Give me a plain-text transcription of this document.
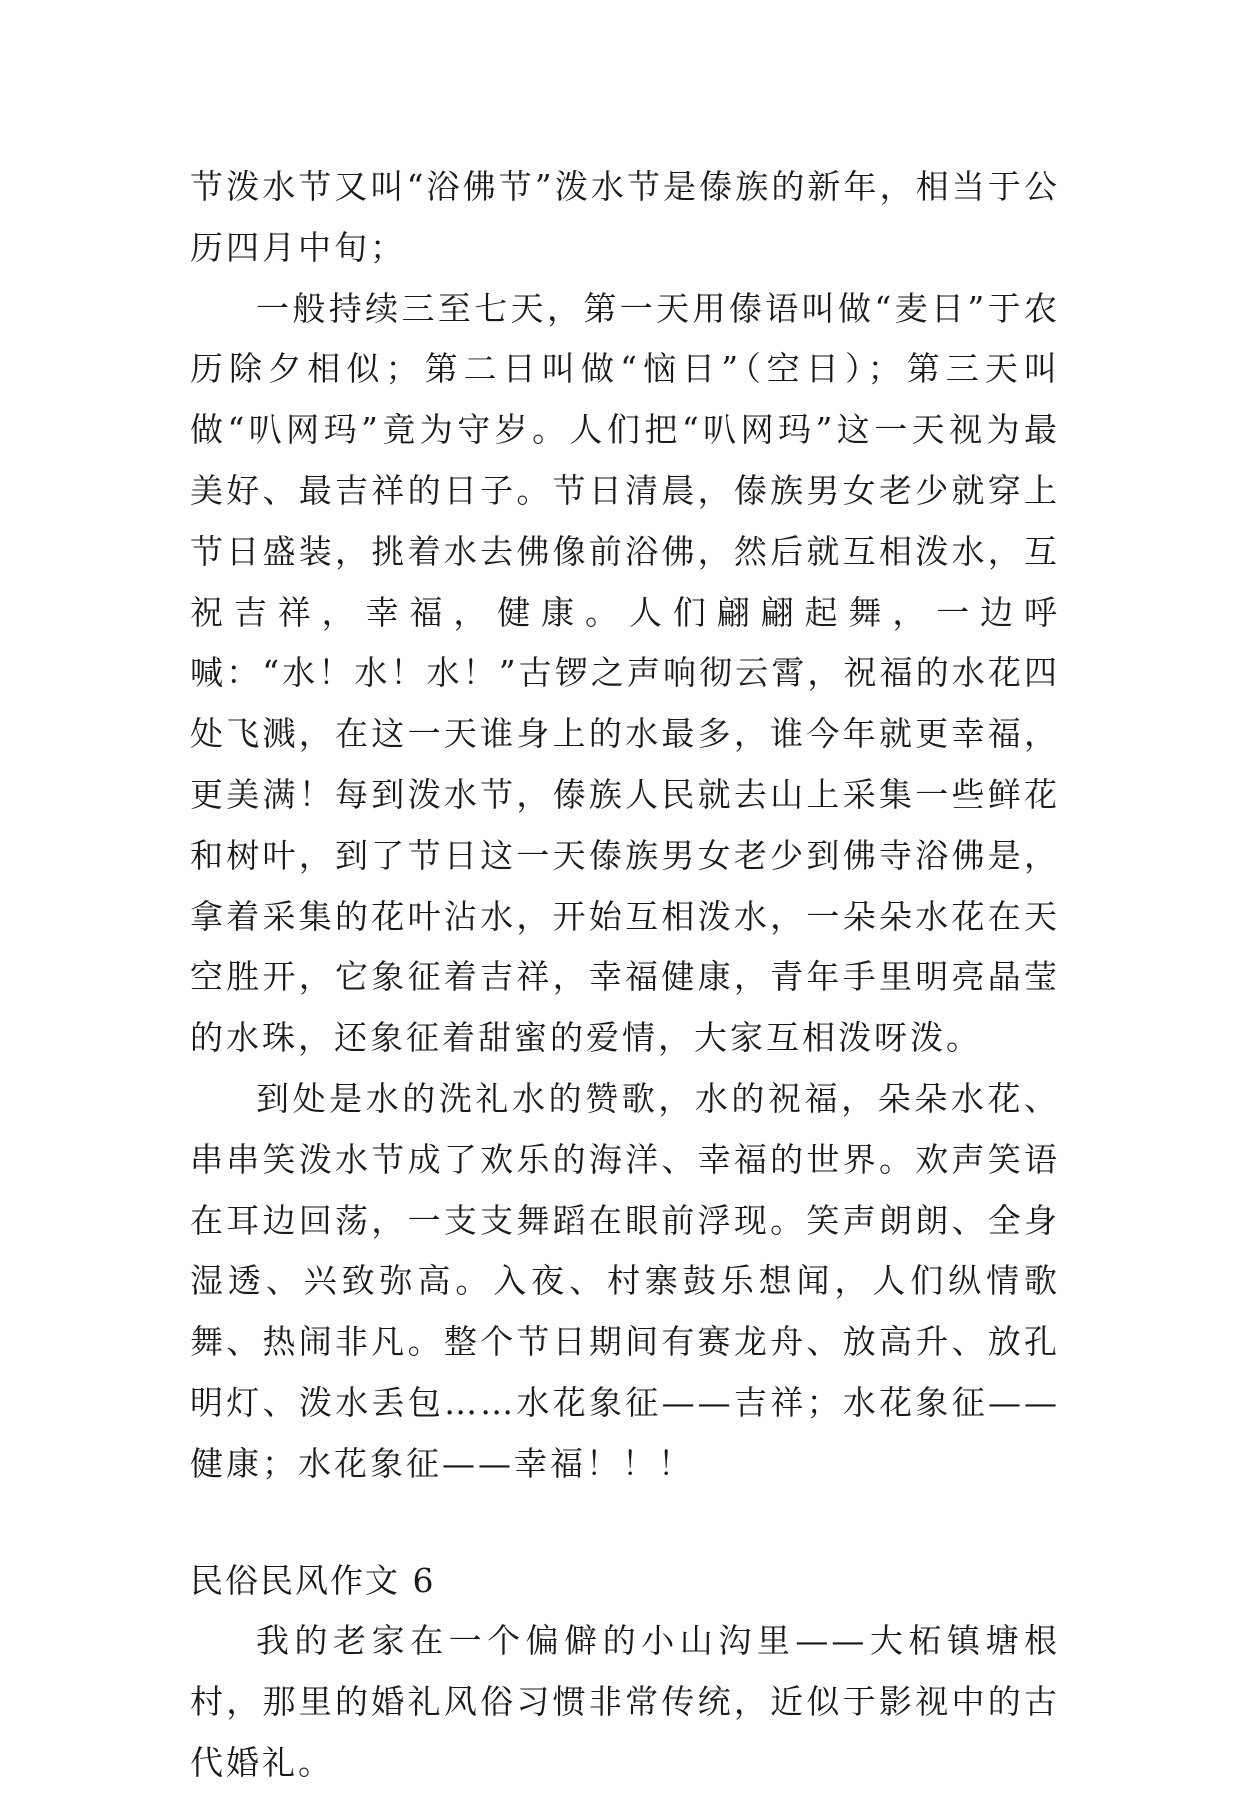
节泼水节又叫“浴佛节”泼水节是傣族的新年，相当于公历四月中旬；

一般持续三至七天，第一天用傣语叫做“麦日”于农历除夕相似；第二日叫做“恼日”（空日）；第三天叫做“叭网玛”竟为守岁。人们把“叭网玛”这一天视为最美好、最吉祥的日子。节日清晨，傣族男女老少就穿上节日盛装，挑着水去佛像前浴佛，然后就互相泼水，互祝吉祥，幸福，健康。人们翩翩起舞，一边呼喊：“水！水！水！”古锣之声响彻云霄，祝福的水花四处飞溅，在这一天谁身上的水最多，谁今年就更幸福，更美满！每到泼水节，傣族人民就去山上采集一些鲜花和树叶，到了节日这一天傣族男女老少到佛寺浴佛是，拿着采集的花叶沾水，开始互相泼水，一朵朵水花在天空胜开，它象征着吉祥，幸福健康，青年手里明亮晶莹的水珠，还象征着甜蜜的爱情，大家互相泼呀泼。

到处是水的洗礼水的赞歌，水的祝福，朵朵水花、串串笑泼水节成了欢乐的海洋、幸福的世界。欢声笑语在耳边回荡，一支支舞蹈在眼前浮现。笑声朗朗、全身湿透、兴致弥高。入夜、村寨鼓乐想闻，人们纵情歌舞、热闹非凡。整个节日期间有赛龙舟、放高升、放孔明灯、泼水丢包……水花象征——吉祥；水花象征——健康；水花象征——幸福！！！

民俗民风作文 6

我的老家在一个偏僻的小山沟里——大柘镇塘根村，那里的婚礼风俗习惯非常传统，近似于影视中的古代婚礼。
